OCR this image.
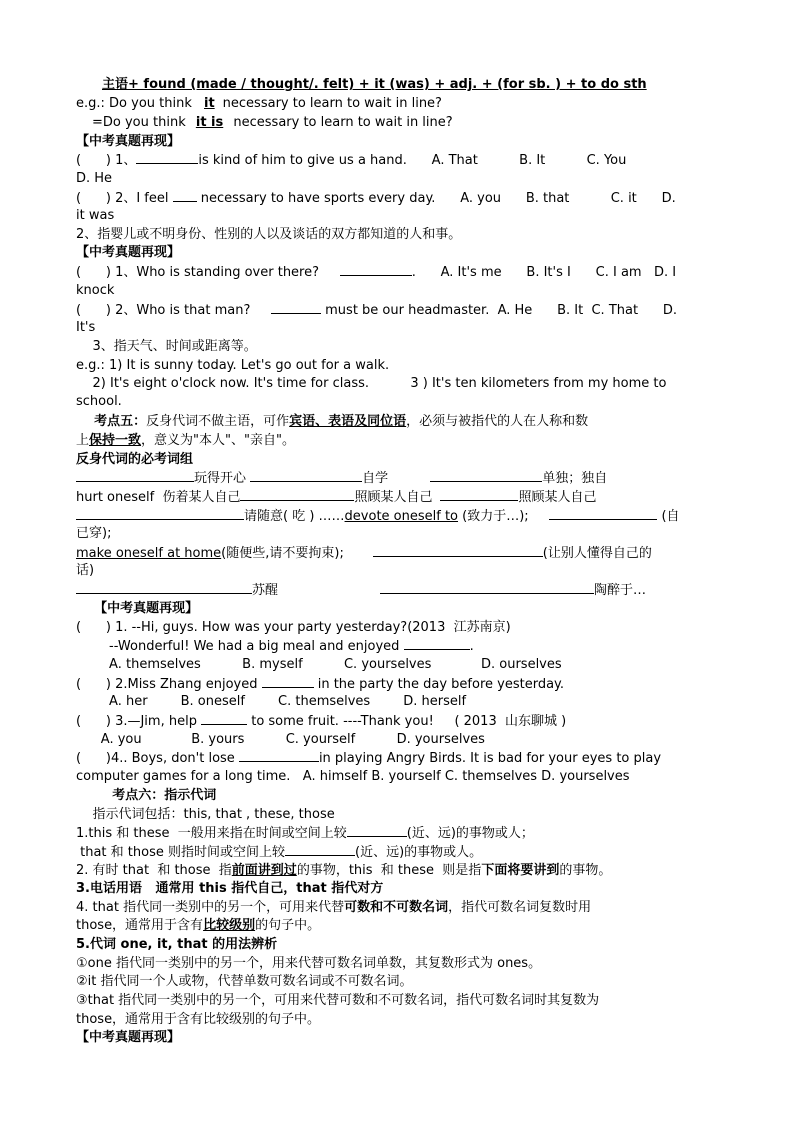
主语+ found (made / thought/. felt) + it (was) + adj. + (for sb. ) + to do sth
e.g.: Do you think it necessary to learn to wait in line?
=Do you think it is necessary to learn to wait in line?
【中考真题再现】
(      ) 1、	is kind of him to give us a hand.      A. That          B. It          C. You
D. He
(      ) 2、I feel  necessary to have sports every day.      A. you      B. that          C. it      D.
it was
2、指婴儿或不明身份、性别的人以及谈话的双方都知道的人和事。
【中考真题再现】
(      ) 1、Who is standing over there?	.      A. It's me      B. It's I      C. I am   D. I
knock
(      ) 2、Who is that man?	must be our headmaster.  A. He      B. It  C. That      D.
It's
3、指天气、时间或距离等。
e.g.: 1) It is sunny today. Let's go out for a walk.
2) It's eight o'clock now. It's time for class.          3 ) It's ten kilometers from my home to
school.
考点五：反身代词不做主语，可作宾语、表语及同位语，必须与被指代的人在人称和数
上保持一致，意义为"本人"、"亲自"。
反身代词的必考词组
玩得开心	自学	单独；独自
hurt oneself  伤着某人自己	照顾某人自己	照顾某人自己
请随意( 吃 ) ……devote oneself to (致力于…);	(自
已穿);
make oneself at home(随便些,请不要拘束);	(让别人懂得自己的
话)
苏醒	陶醉于…
【中考真题再现】
(      ) 1. --Hi, guys. How was your party yesterday?(2013  江苏南京)
--Wonderful! We had a big meal and enjoyed	.
A. themselves          B. myself          C. yourselves            D. ourselves
(      ) 2.Miss Zhang enjoyed	in the party the day before yesterday.
A. her        B. oneself        C. themselves        D. herself
(      ) 3.—Jim, help	to some fruit. ----Thank you!     ( 2013  山东聊城 )
A. you            B. yours          C. yourself          D. yourselves
(      )4.. Boys, don't lose	in playing Angry Birds. It is bad for your eyes to play
computer games for a long time.   A. himself B. yourself C. themselves D. yourselves
考点六：指示代词
指示代词包括：this, that , these, those
1.this 和 these  一般用来指在时间或空间上较	(近、远)的事物或人；
that 和 those 则指时间或空间上较	(近、远)的事物或人。
2. 有时 that  和 those  指前面讲到过的事物，this  和 these  则是指下面将要讲到的事物。
3.电话用语   通常用 this 指代自己，that 指代对方
4. that 指代同一类别中的另一个，可用来代替可数和不可数名词，指代可数名词复数时用
those，通常用于含有比较级别的句子中。
5.代词 one, it, that 的用法辨析
①one 指代同一类别中的另一个，用来代替可数名词单数，其复数形式为 ones。
②it 指代同一个人或物，代替单数可数名词或不可数名词。
③that 指代同一类别中的另一个，可用来代替可数和不可数名词，指代可数名词时其复数为
those，通常用于含有比较级别的句子中。
【中考真题再现】
